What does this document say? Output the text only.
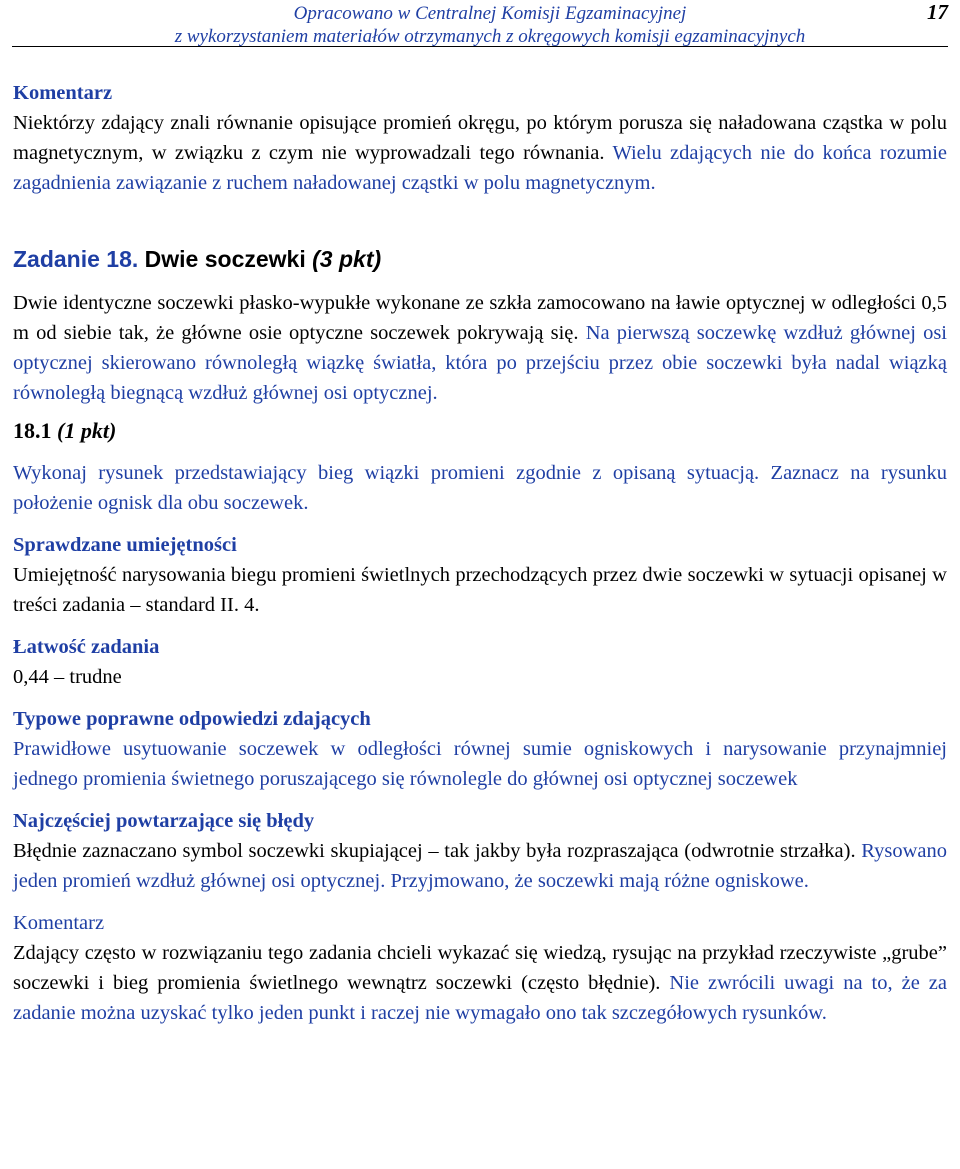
Opracowano w Centralnej Komisji Egzaminacyjnej
z wykorzystaniem materiałów otrzymanych z okręgowych komisji egzaminacyjnych
17
Komentarz

Niektórzy zdający znali równanie opisujące promień okręgu, po którym porusza się naładowana cząstka w polu magnetycznym, w związku z czym nie wyprowadzali tego równania. Wielu zdających nie do końca rozumie zagadnienia zawiązanie z ruchem naładowanej cząstki w polu magnetycznym.

Zadanie 18. Dwie soczewki (3 pkt)

Dwie identyczne soczewki płasko-wypukłe wykonane ze szkła zamocowano na ławie optycznej w odległości 0,5 m od siebie tak, że główne osie optyczne soczewek pokrywają się. Na pierwszą soczewkę wzdłuż głównej osi optycznej skierowano równoległą wiązkę światła, która po przejściu przez obie soczewki była nadal wiązką równoległą biegnącą wzdłuż głównej osi optycznej.

18.1 (1 pkt)

Wykonaj rysunek przedstawiający bieg wiązki promieni zgodnie z opisaną sytuacją. Zaznacz na rysunku położenie ognisk dla obu soczewek.

Sprawdzane umiejętności

Umiejętność narysowania biegu promieni świetlnych przechodzących przez dwie soczewki w sytuacji opisanej w treści zadania – standard II. 4.

Łatwość zadania

0,44 – trudne

Typowe poprawne odpowiedzi zdających

Prawidłowe usytuowanie soczewek w odległości równej sumie ogniskowych i narysowanie przynajmniej jednego promienia świetnego poruszającego się równolegle do głównej osi optycznej soczewek

Najczęściej powtarzające się błędy

Błędnie zaznaczano symbol soczewki skupiającej – tak jakby była rozpraszająca (odwrotnie strzałka). Rysowano jeden promień wzdłuż głównej osi optycznej. Przyjmowano, że soczewki mają różne ogniskowe.

Komentarz

Zdający często w rozwiązaniu tego zadania chcieli wykazać się wiedzą, rysując na przykład rzeczywiste „grube” soczewki i bieg promienia świetlnego wewnątrz soczewki (często błędnie). Nie zwrócili uwagi na to, że za zadanie można uzyskać tylko jeden punkt i raczej nie wymagało ono tak szczegółowych rysunków.
